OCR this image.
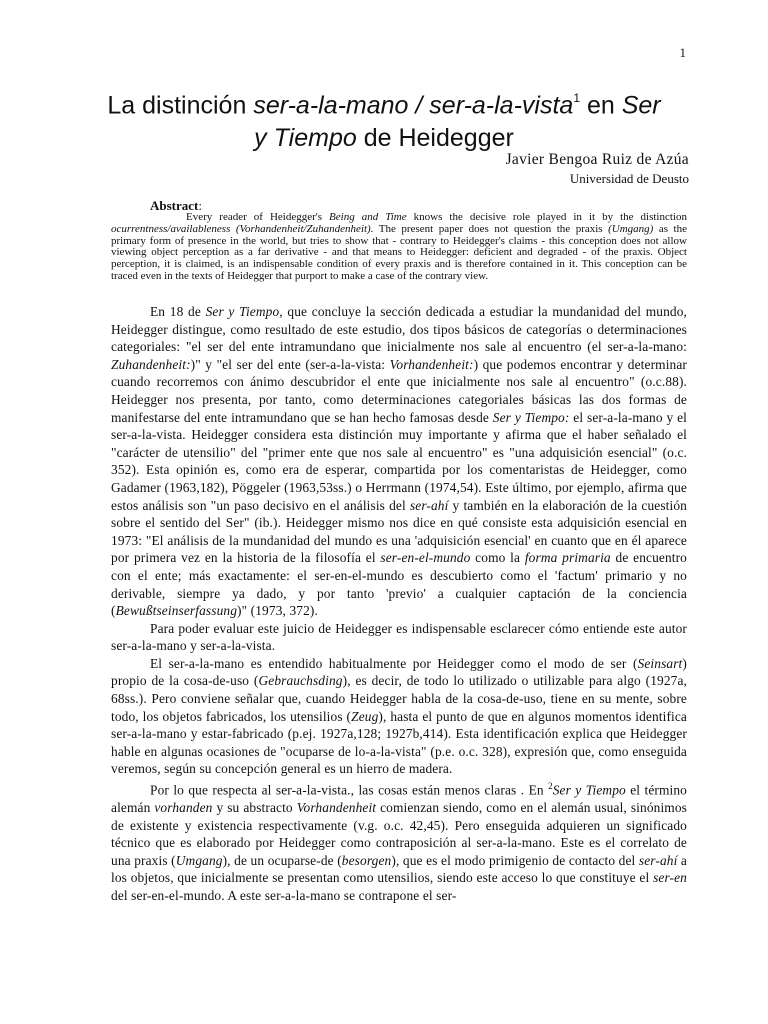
1
La distinción ser-a-la-mano / ser-a-la-vista$^1$ en Ser
y Tiempo de Heidegger
Javier Bengoa Ruiz de Azúa
Universidad de Deusto
Abstract:
Every reader of Heidegger's Being and Time knows the decisive role played in it by the distinction ocurrentness/availableness (Vorhandenheit/Zuhandenheit). The present paper does not question the praxis (Umgang) as the primary form of presence in the world, but tries to show that - contrary to Heidegger's claims - this conception does not allow viewing object perception as a far derivative - and that means to Heidegger: deficient and degraded - of the praxis. Object perception, it is claimed, is an indispensable condition of every praxis and is therefore contained in it. This conception can be traced even in the texts of Heidegger that purport to make a case of the contrary view.

En 18 de Ser y Tiempo, que concluye la sección dedicada a estudiar la mundanidad del mundo, Heidegger distingue, como resultado de este estudio, dos tipos básicos de categorías o determinaciones categoriales: "el ser del ente intramundano que inicialmente nos sale al encuentro (el ser-a-la-mano: Zuhandenheit:)" y "el ser del ente (ser-a-la-vista: Vorhandenheit:) que podemos encontrar y determinar cuando recorremos con ánimo descubridor el ente que inicialmente nos sale al encuentro" (o.c.88). Heidegger nos presenta, por tanto, como determinaciones categoriales básicas las dos formas de manifestarse del ente intramundano que se han hecho famosas desde Ser y Tiempo: el ser-a-la-mano y el ser-a-la-vista. Heidegger considera esta distinción muy importante y afirma que el haber señalado el "carácter de utensilio" del "primer ente que nos sale al encuentro" es "una adquisición esencial" (o.c. 352). Esta opinión es, como era de esperar, compartida por los comentaristas de Heidegger, como Gadamer (1963,182), Pöggeler (1963,53ss.) o Herrmann (1974,54). Este último, por ejemplo, afirma que estos análisis son "un paso decisivo en el análisis del ser-ahí y también en la elaboración de la cuestión sobre el sentido del Ser" (ib.). Heidegger mismo nos dice en qué consiste esta adquisición esencial en 1973: "El análisis de la mundanidad del mundo es una 'adquisición esencial' en cuanto que en él aparece por primera vez en la historia de la filosofía el ser-en-el-mundo como la forma primaria de encuentro con el ente; más exactamente: el ser-en-el-mundo es descubierto como el 'factum' primario y no derivable, siempre ya dado, y por tanto 'previo' a cualquier captación de la conciencia (Bewußtseinserfassung)" (1973, 372).

Para poder evaluar este juicio de Heidegger es indispensable esclarecer cómo entiende este autor ser-a-la-mano y ser-a-la-vista.

El ser-a-la-mano es entendido habitualmente por Heidegger como el modo de ser (Seinsart) propio de la cosa-de-uso (Gebrauchsding), es decir, de todo lo utilizado o utilizable para algo (1927a, 68ss.). Pero conviene señalar que, cuando Heidegger habla de la cosa-de-uso, tiene en su mente, sobre todo, los objetos fabricados, los utensilios (Zeug), hasta el punto de que en algunos momentos identifica ser-a-la-mano y estar-fabricado (p.ej. 1927a,128; 1927b,414). Esta identificación explica que Heidegger hable en algunas ocasiones de "ocuparse de lo-a-la-vista" (p.e. o.c. 328), expresión que, como enseguida veremos, según su concepción general es un hierro de madera.

Por lo que respecta al ser-a-la-vista., las cosas están menos claras . En $^2$Ser y Tiempo el término alemán vorhanden y su abstracto Vorhandenheit comienzan siendo, como en el alemán usual, sinónimos de existente y existencia respectivamente (v.g. o.c. 42,45). Pero enseguida adquieren un significado técnico que es elaborado por Heidegger como contraposición al ser-a-la-mano. Este es el correlato de una praxis (Umgang), de un ocuparse-de (besorgen), que es el modo primigenio de contacto del ser-ahí a los objetos, que inicialmente se presentan como utensilios, siendo este acceso lo que constituye el ser-en del ser-en-el-mundo. A este ser-a-la-mano se contrapone el ser-
